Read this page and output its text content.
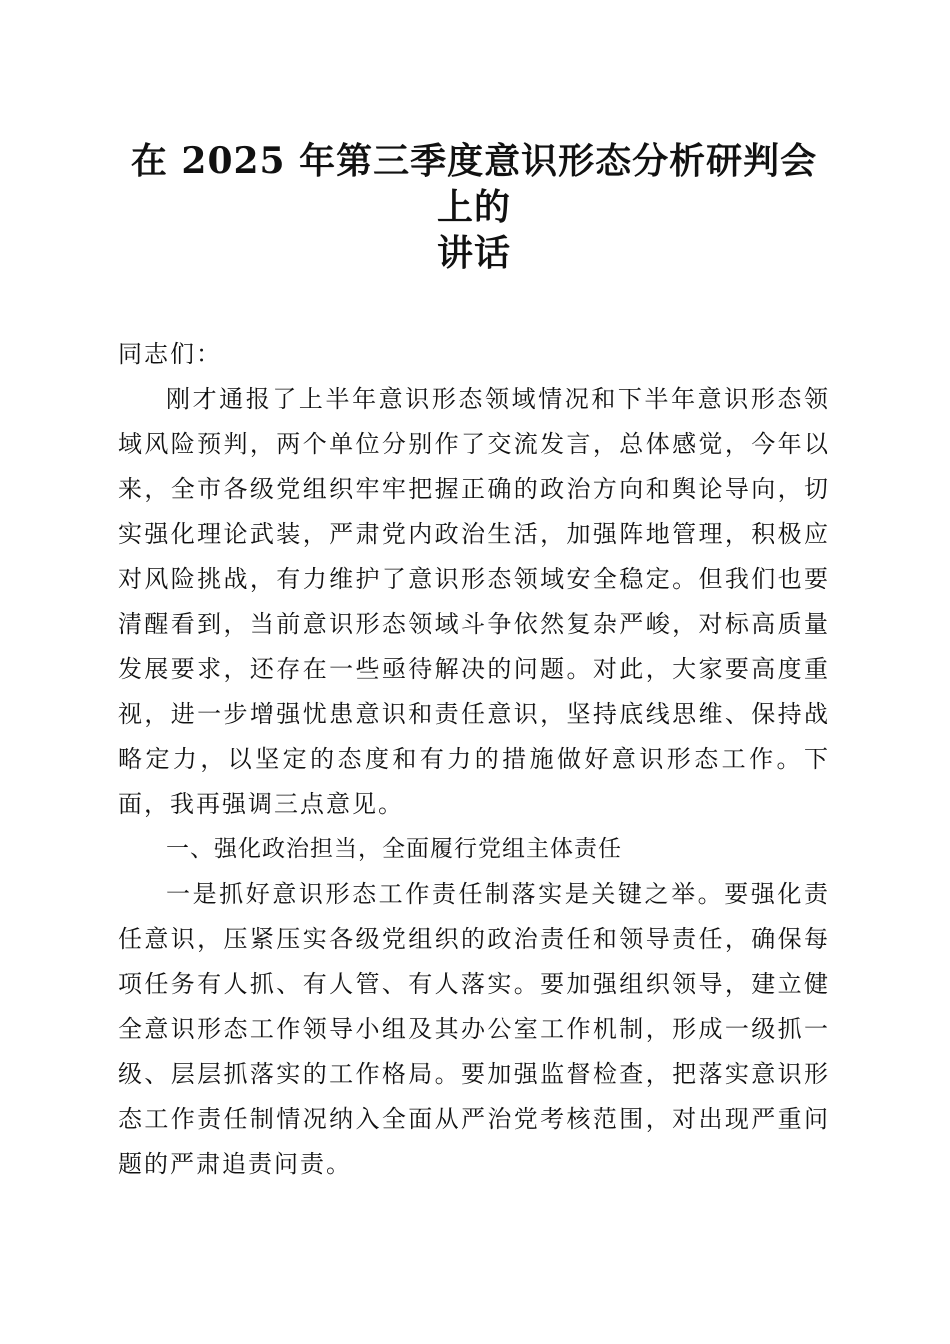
在 2025 年第三季度意识形态分析研判会上的
讲话

同志们：

刚才通报了上半年意识形态领域情况和下半年意识形态领域风险预判，两个单位分别作了交流发言，总体感觉，今年以来，全市各级党组织牢牢把握正确的政治方向和舆论导向，切实强化理论武装，严肃党内政治生活，加强阵地管理，积极应对风险挑战，有力维护了意识形态领域安全稳定。但我们也要清醒看到，当前意识形态领域斗争依然复杂严峻，对标高质量发展要求，还存在一些亟待解决的问题。对此，大家要高度重视，进一步增强忧患意识和责任意识，坚持底线思维、保持战略定力，以坚定的态度和有力的措施做好意识形态工作。下面，我再强调三点意见。

一、强化政治担当，全面履行党组主体责任

一是抓好意识形态工作责任制落实是关键之举。要强化责任意识，压紧压实各级党组织的政治责任和领导责任，确保每项任务有人抓、有人管、有人落实。要加强组织领导，建立健全意识形态工作领导小组及其办公室工作机制，形成一级抓一级、层层抓落实的工作格局。要加强监督检查，把落实意识形态工作责任制情况纳入全面从严治党考核范围，对出现严重问题的严肃追责问责。
